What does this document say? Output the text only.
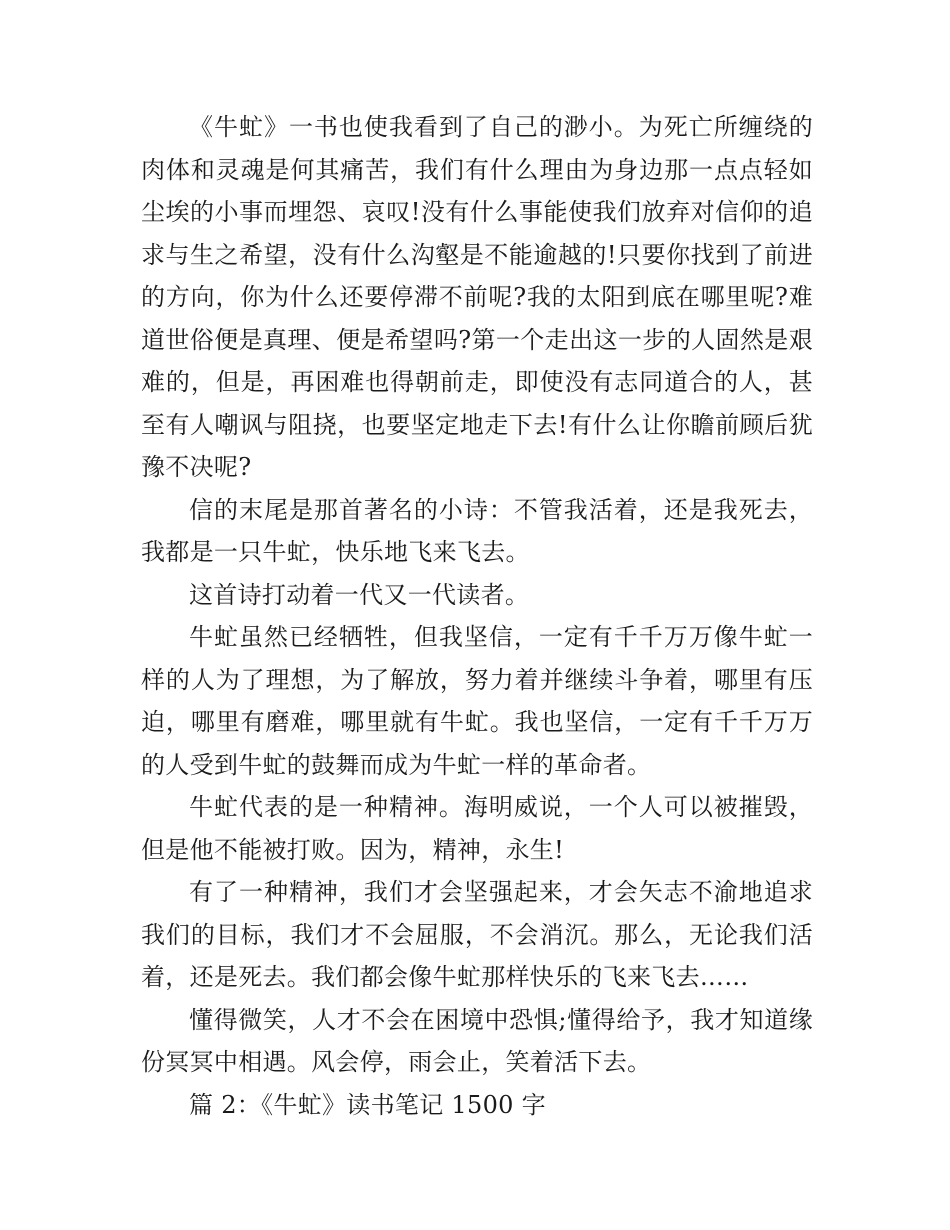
《牛虻》一书也使我看到了自己的渺小。为死亡所缠绕的肉体和灵魂是何其痛苦，我们有什么理由为身边那一点点轻如尘埃的小事而埋怨、哀叹!没有什么事能使我们放弃对信仰的追求与生之希望，没有什么沟壑是不能逾越的!只要你找到了前进的方向，你为什么还要停滞不前呢?我的太阳到底在哪里呢?难道世俗便是真理、便是希望吗?第一个走出这一步的人固然是艰难的，但是，再困难也得朝前走，即使没有志同道合的人，甚至有人嘲讽与阻挠，也要坚定地走下去!有什么让你瞻前顾后犹豫不决呢?

信的末尾是那首著名的小诗：不管我活着，还是我死去，我都是一只牛虻，快乐地飞来飞去。

这首诗打动着一代又一代读者。

牛虻虽然已经牺牲，但我坚信，一定有千千万万像牛虻一样的人为了理想，为了解放，努力着并继续斗争着，哪里有压迫，哪里有磨难，哪里就有牛虻。我也坚信，一定有千千万万的人受到牛虻的鼓舞而成为牛虻一样的革命者。

牛虻代表的是一种精神。海明威说，一个人可以被摧毁，但是他不能被打败。因为，精神，永生!

有了一种精神，我们才会坚强起来，才会矢志不渝地追求我们的目标，我们才不会屈服，不会消沉。那么，无论我们活着，还是死去。我们都会像牛虻那样快乐的飞来飞去……

懂得微笑，人才不会在困境中恐惧;懂得给予，我才知道缘份冥冥中相遇。风会停，雨会止，笑着活下去。

篇 2：《牛虻》读书笔记 1500 字
